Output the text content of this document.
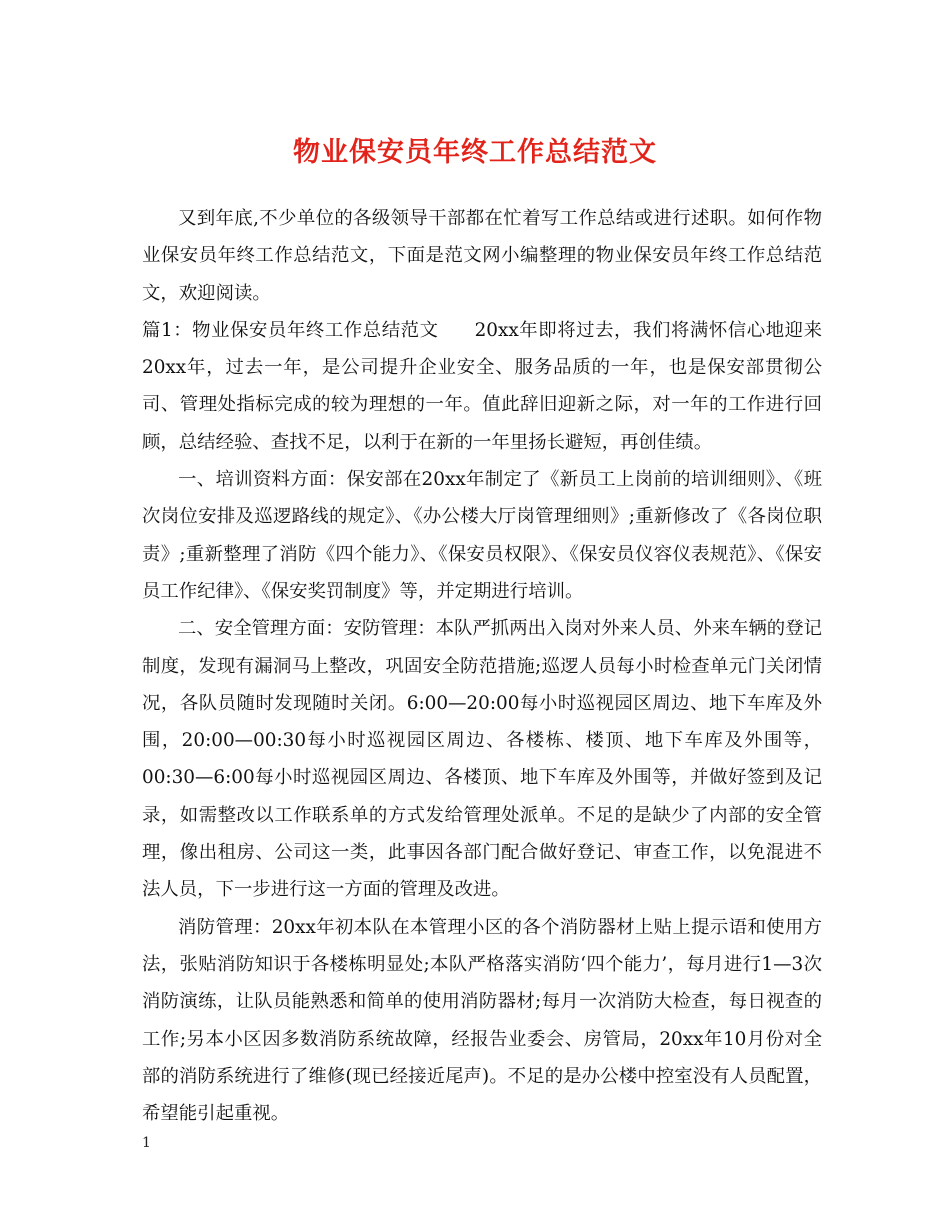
物业保安员年终工作总结范文

又到年底,不少单位的各级领导干部都在忙着写工作总结或进行述职。如何作物业保安员年终工作总结范文，下面是范文网小编整理的物业保安员年终工作总结范文，欢迎阅读。

篇1：物业保安员年终工作总结范文 20xx年即将过去，我们将满怀信心地迎来20xx年，过去一年，是公司提升企业安全、服务品质的一年，也是保安部贯彻公司、管理处指标完成的较为理想的一年。值此辞旧迎新之际，对一年的工作进行回顾，总结经验、查找不足，以利于在新的一年里扬长避短，再创佳绩。

一、培训资料方面：保安部在20xx年制定了《新员工上岗前的培训细则》、《班次岗位安排及巡逻路线的规定》、《办公楼大厅岗管理细则》;重新修改了《各岗位职责》;重新整理了消防《四个能力》、《保安员权限》、《保安员仪容仪表规范》、《保安员工作纪律》、《保安奖罚制度》等，并定期进行培训。

二、安全管理方面：安防管理：本队严抓两出入岗对外来人员、外来车辆的登记制度，发现有漏洞马上整改，巩固安全防范措施;巡逻人员每小时检查单元门关闭情况，各队员随时发现随时关闭。6:00—20:00每小时巡视园区周边、地下车库及外围，20:00—00:30每小时巡视园区周边、各楼栋、楼顶、地下车库及外围等，00:30—6:00每小时巡视园区周边、各楼顶、地下车库及外围等，并做好签到及记录，如需整改以工作联系单的方式发给管理处派单。不足的是缺少了内部的安全管理，像出租房、公司这一类，此事因各部门配合做好登记、审查工作，以免混进不法人员，下一步进行这一方面的管理及改进。

消防管理：20xx年初本队在本管理小区的各个消防器材上贴上提示语和使用方法，张贴消防知识于各楼栋明显处;本队严格落实消防‘四个能力’，每月进行1—3次消防演练，让队员能熟悉和简单的使用消防器材;每月一次消防大检查，每日视查的工作;另本小区因多数消防系统故障，经报告业委会、房管局，20xx年10月份对全部的消防系统进行了维修(现已经接近尾声)。不足的是办公楼中控室没有人员配置，希望能引起重视。

1
